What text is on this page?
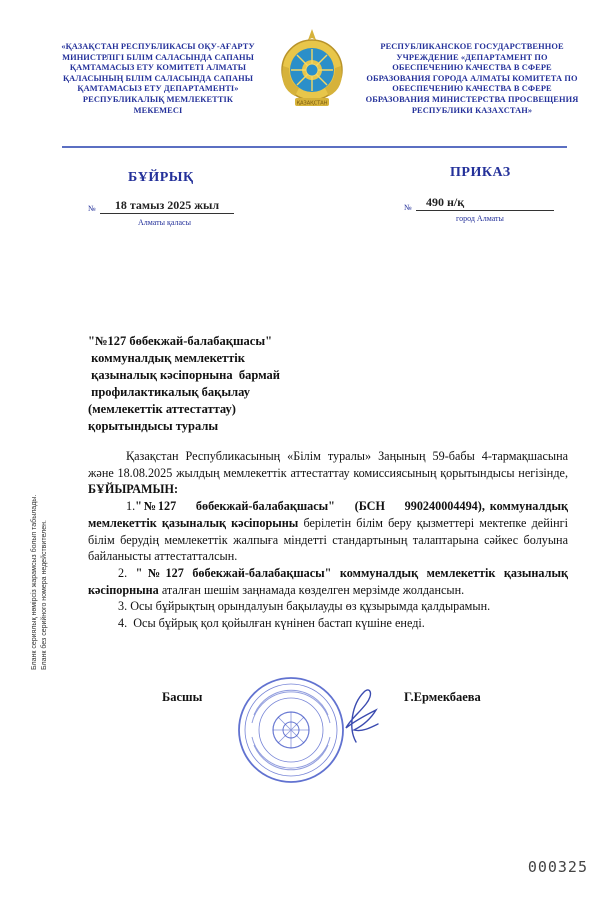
«ҚАЗАҚСТАН РЕСПУБЛИКАСЫ ОҚУ-АҒАРТУ
МИНИСТРЛІГІ БІЛІМ САЛАСЫНДА САПАНЫ
ҚАМТАМАСЫЗ ЕТУ КОМИТЕТІ АЛМАТЫ
ҚАЛАСЫНЫҢ БІЛІМ САЛАСЫНДА САПАНЫ
ҚАМТАМАСЫЗ ЕТУ ДЕПАРТАМЕНТІ»
РЕСПУБЛИКАЛЫҚ МЕМЛЕКЕТТІК
МЕКЕМЕСІ
ҚАЗАҚСТАН
РЕСПУБЛИКАНСКОЕ ГОСУДАРСТВЕННОЕ
УЧРЕЖДЕНИЕ «ДЕПАРТАМЕНТ ПО
ОБЕСПЕЧЕНИЮ КАЧЕСТВА В СФЕРЕ
ОБРАЗОВАНИЯ ГОРОДА АЛМАТЫ КОМИТЕТА ПО
ОБЕСПЕЧЕНИЮ КАЧЕСТВА В СФЕРЕ
ОБРАЗОВАНИЯ МИНИСТЕРСТВА ПРОСВЕЩЕНИЯ
РЕСПУБЛИКИ КАЗАХСТАН»
БҰЙРЫҚ
№	18 тамыз 2025 жыл
Алматы қаласы
ПРИКАЗ
№	490 н/қ
город Алматы
"№127 бөбекжай-балабақшасы"
коммуналдық мемлекеттік
қазыналық кәсіпорнына  бармай
профилактикалық бақылау
(мемлекеттік аттестаттау)
қорытындысы туралы

Қазақстан Республикасының «Білім туралы» Заңының 59-бабы 4-тармақшасына және 18.08.2025 жылдың мемлекеттік аттестаттау комиссиясының қорытындысы негізінде, БҰЙЫРАМЫН:

1."№127    бөбекжай-балабақшасы"    (БСН    990240004494), коммуналдық мемлекеттік қазыналық кәсіпорыны берілетін білім беру қызметтері мектепке дейінгі білім берудің мемлекеттік жалпыға міндетті стандартының талаптарына сәйкес болуына байланысты аттестатталсын.

2. "№127 бөбекжай-балабақшасы" коммуналдық мемлекеттік қазыналық кәсіпорнына аталған шешім заңнамада көзделген мерзімде жолдансын.

3. Осы бұйрықтың орындалуын бақылауды өз құзырымда қалдырамын.

4.  Осы бұйрық қол қойылған күнінен бастап күшіне енеді.

Басшы	Г.Ермекбаева
Бланк сериялық нөмірсіз жарамсыз болып табылады. Бланк без серийного номера недействителен.
000325
